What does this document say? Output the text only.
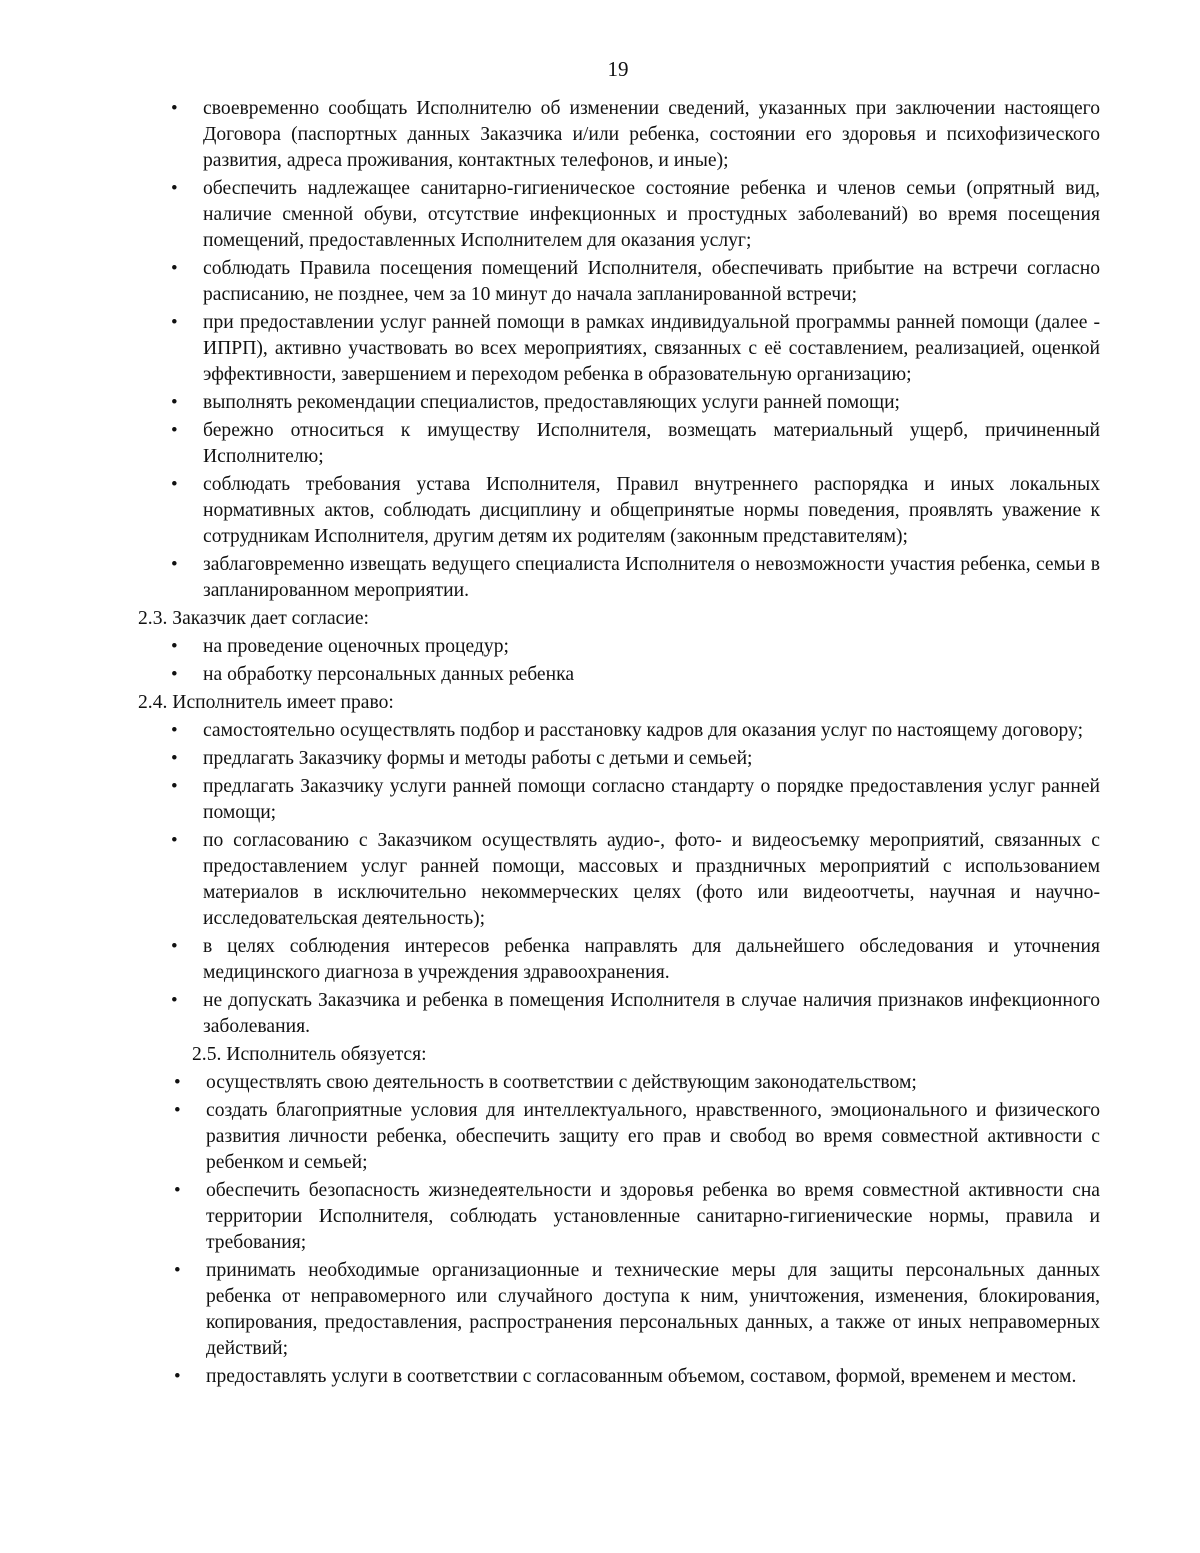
19
• своевременно сообщать Исполнителю об изменении сведений, указанных при заключении настоящего Договора (паспортных данных Заказчика и/или ребенка, состоянии его здоровья и психофизического развития, адреса проживания, контактных телефонов, и иные);
• обеспечить надлежащее санитарно-гигиеническое состояние ребенка и членов семьи (опрятный вид, наличие сменной обуви, отсутствие инфекционных и простудных заболеваний) во время посещения помещений, предоставленных Исполнителем для оказания услуг;
• соблюдать Правила посещения помещений Исполнителя, обеспечивать прибытие на встречи согласно расписанию, не позднее, чем за 10 минут до начала запланированной встречи;
• при предоставлении услуг ранней помощи в рамках индивидуальной программы ранней помощи (далее - ИПРП), активно участвовать во всех мероприятиях, связанных с её составлением, реализацией, оценкой эффективности, завершением и переходом ребенка в образовательную организацию;
• выполнять рекомендации специалистов, предоставляющих услуги ранней помощи;
• бережно относиться к имуществу Исполнителя, возмещать материальный ущерб, причиненный Исполнителю;
• соблюдать требования устава Исполнителя, Правил внутреннего распорядка и иных локальных нормативных актов, соблюдать дисциплину и общепринятые нормы поведения, проявлять уважение к сотрудникам Исполнителя, другим детям их родителям (законным представителям);
• заблаговременно извещать ведущего специалиста Исполнителя о невозможности участия ребенка, семьи в запланированном мероприятии.
2.3. Заказчик дает согласие:
• на проведение оценочных процедур;
• на обработку персональных данных ребенка
2.4. Исполнитель имеет право:
• самостоятельно осуществлять подбор и расстановку кадров для оказания услуг по настоящему договору;
• предлагать Заказчику формы и методы работы с детьми и семьей;
• предлагать Заказчику услуги ранней помощи согласно стандарту о порядке предоставления услуг ранней помощи;
• по согласованию с Заказчиком осуществлять аудио-, фото- и видеосъемку мероприятий, связанных с предоставлением услуг ранней помощи, массовых и праздничных мероприятий с использованием материалов в исключительно некоммерческих целях (фото или видеоотчеты, научная и научно-исследовательская деятельность);
• в целях соблюдения интересов ребенка направлять для дальнейшего обследования и уточнения медицинского диагноза в учреждения здравоохранения.
• не допускать Заказчика и ребенка в помещения Исполнителя в случае наличия признаков инфекционного заболевания.
2.5. Исполнитель обязуется:
• осуществлять свою деятельность в соответствии с действующим законодательством;
• создать благоприятные условия для интеллектуального, нравственного, эмоционального и физического развития личности ребенка, обеспечить защиту его прав и свобод во время совместной активности с ребенком и семьей;
• обеспечить безопасность жизнедеятельности и здоровья ребенка во время совместной активности сна территории Исполнителя, соблюдать установленные санитарно-гигиенические нормы, правила и требования;
• принимать необходимые организационные и технические меры для защиты персональных данных ребенка от неправомерного или случайного доступа к ним, уничтожения, изменения, блокирования, копирования, предоставления, распространения персональных данных, а также от иных неправомерных действий;
• предоставлять услуги в соответствии с согласованным объемом, составом, формой, временем и местом.
